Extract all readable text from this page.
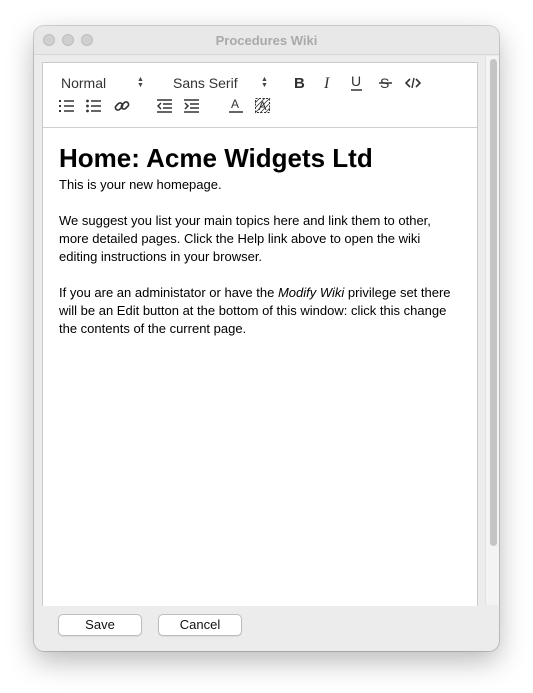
Procedures Wiki
Normal	▲▼ Sans Serif	▲▼ B I U S
A A
Home: Acme Widgets Ltd
This is your new homepage.
We suggest you list your main topics here and link them to other,
more detailed pages. Click the Help link above to open the wiki
editing instructions in your browser.
If you are an administator or have the Modify Wiki privilege set there
will be an Edit button at the bottom of this window: click this change
the contents of the current page.
Save	Cancel
